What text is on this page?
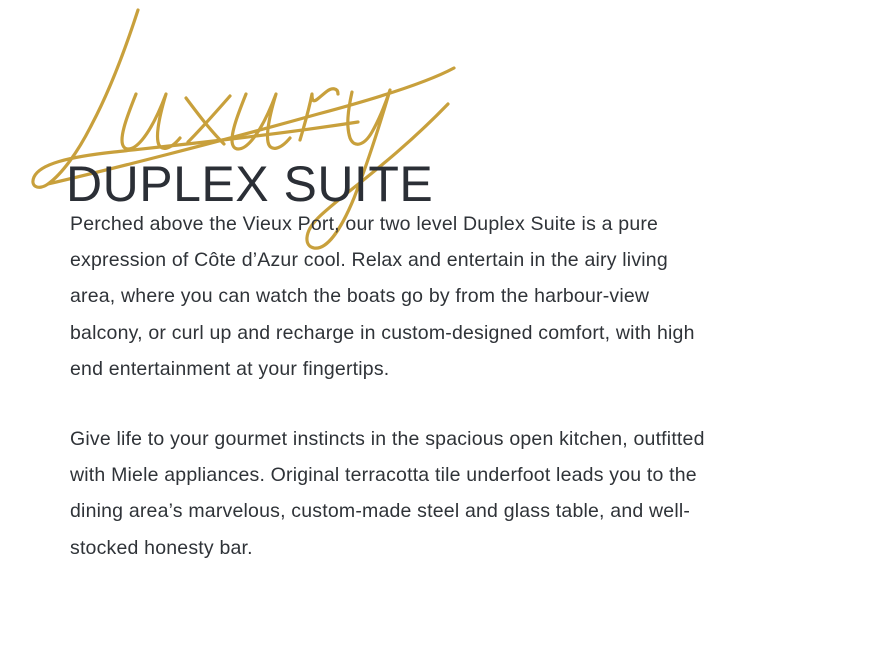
DUPLEX SUITE

Perched above the Vieux Port, our two level Duplex Suite is a pure expression of Côte d’Azur cool. Relax and entertain in the airy living area, where you can watch the boats go by from the harbour-view balcony, or curl up and recharge in custom-designed comfort, with high end entertainment at your fingertips.

Give life to your gourmet instincts in the spacious open kitchen, outfitted with Miele appliances. Original terracotta tile underfoot leads you to the dining area’s marvelous, custom-made steel and glass table, and well-stocked honesty bar.
